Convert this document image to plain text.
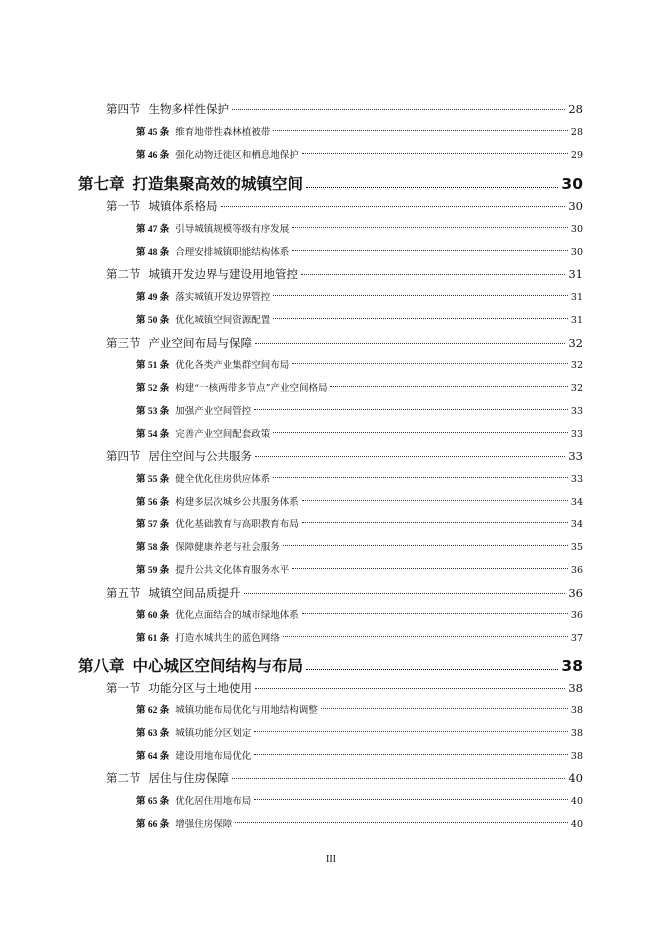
第四节 生物多样性保护	28
第 45 条 维育地带性森林植被带	28
第 46 条 强化动物迁徙区和栖息地保护	29
第七章 打造集聚高效的城镇空间	30
第一节 城镇体系格局	30
第 47 条 引导城镇规模等级有序发展	30
第 48 条 合理安排城镇职能结构体系	30
第二节 城镇开发边界与建设用地管控	31
第 49 条 落实城镇开发边界管控	31
第 50 条 优化城镇空间资源配置	31
第三节 产业空间布局与保障	32
第 51 条 优化各类产业集群空间布局	32
第 52 条 构建“一核两带多节点”产业空间格局	32
第 53 条 加强产业空间管控	33
第 54 条 完善产业空间配套政策	33
第四节 居住空间与公共服务	33
第 55 条 健全优化住房供应体系	33
第 56 条 构建多层次城乡公共服务体系	34
第 57 条 优化基础教育与高职教育布局	34
第 58 条 保障健康养老与社会服务	35
第 59 条 提升公共文化体育服务水平	36
第五节 城镇空间品质提升	36
第 60 条 优化点面结合的城市绿地体系	36
第 61 条 打造水城共生的蓝色网络	37
第八章 中心城区空间结构与布局	38
第一节 功能分区与土地使用	38
第 62 条 城镇功能布局优化与用地结构调整	38
第 63 条 城镇功能分区划定	38
第 64 条 建设用地布局优化	38
第二节 居住与住房保障	40
第 65 条 优化居住用地布局	40
第 66 条 增强住房保障	40
III
